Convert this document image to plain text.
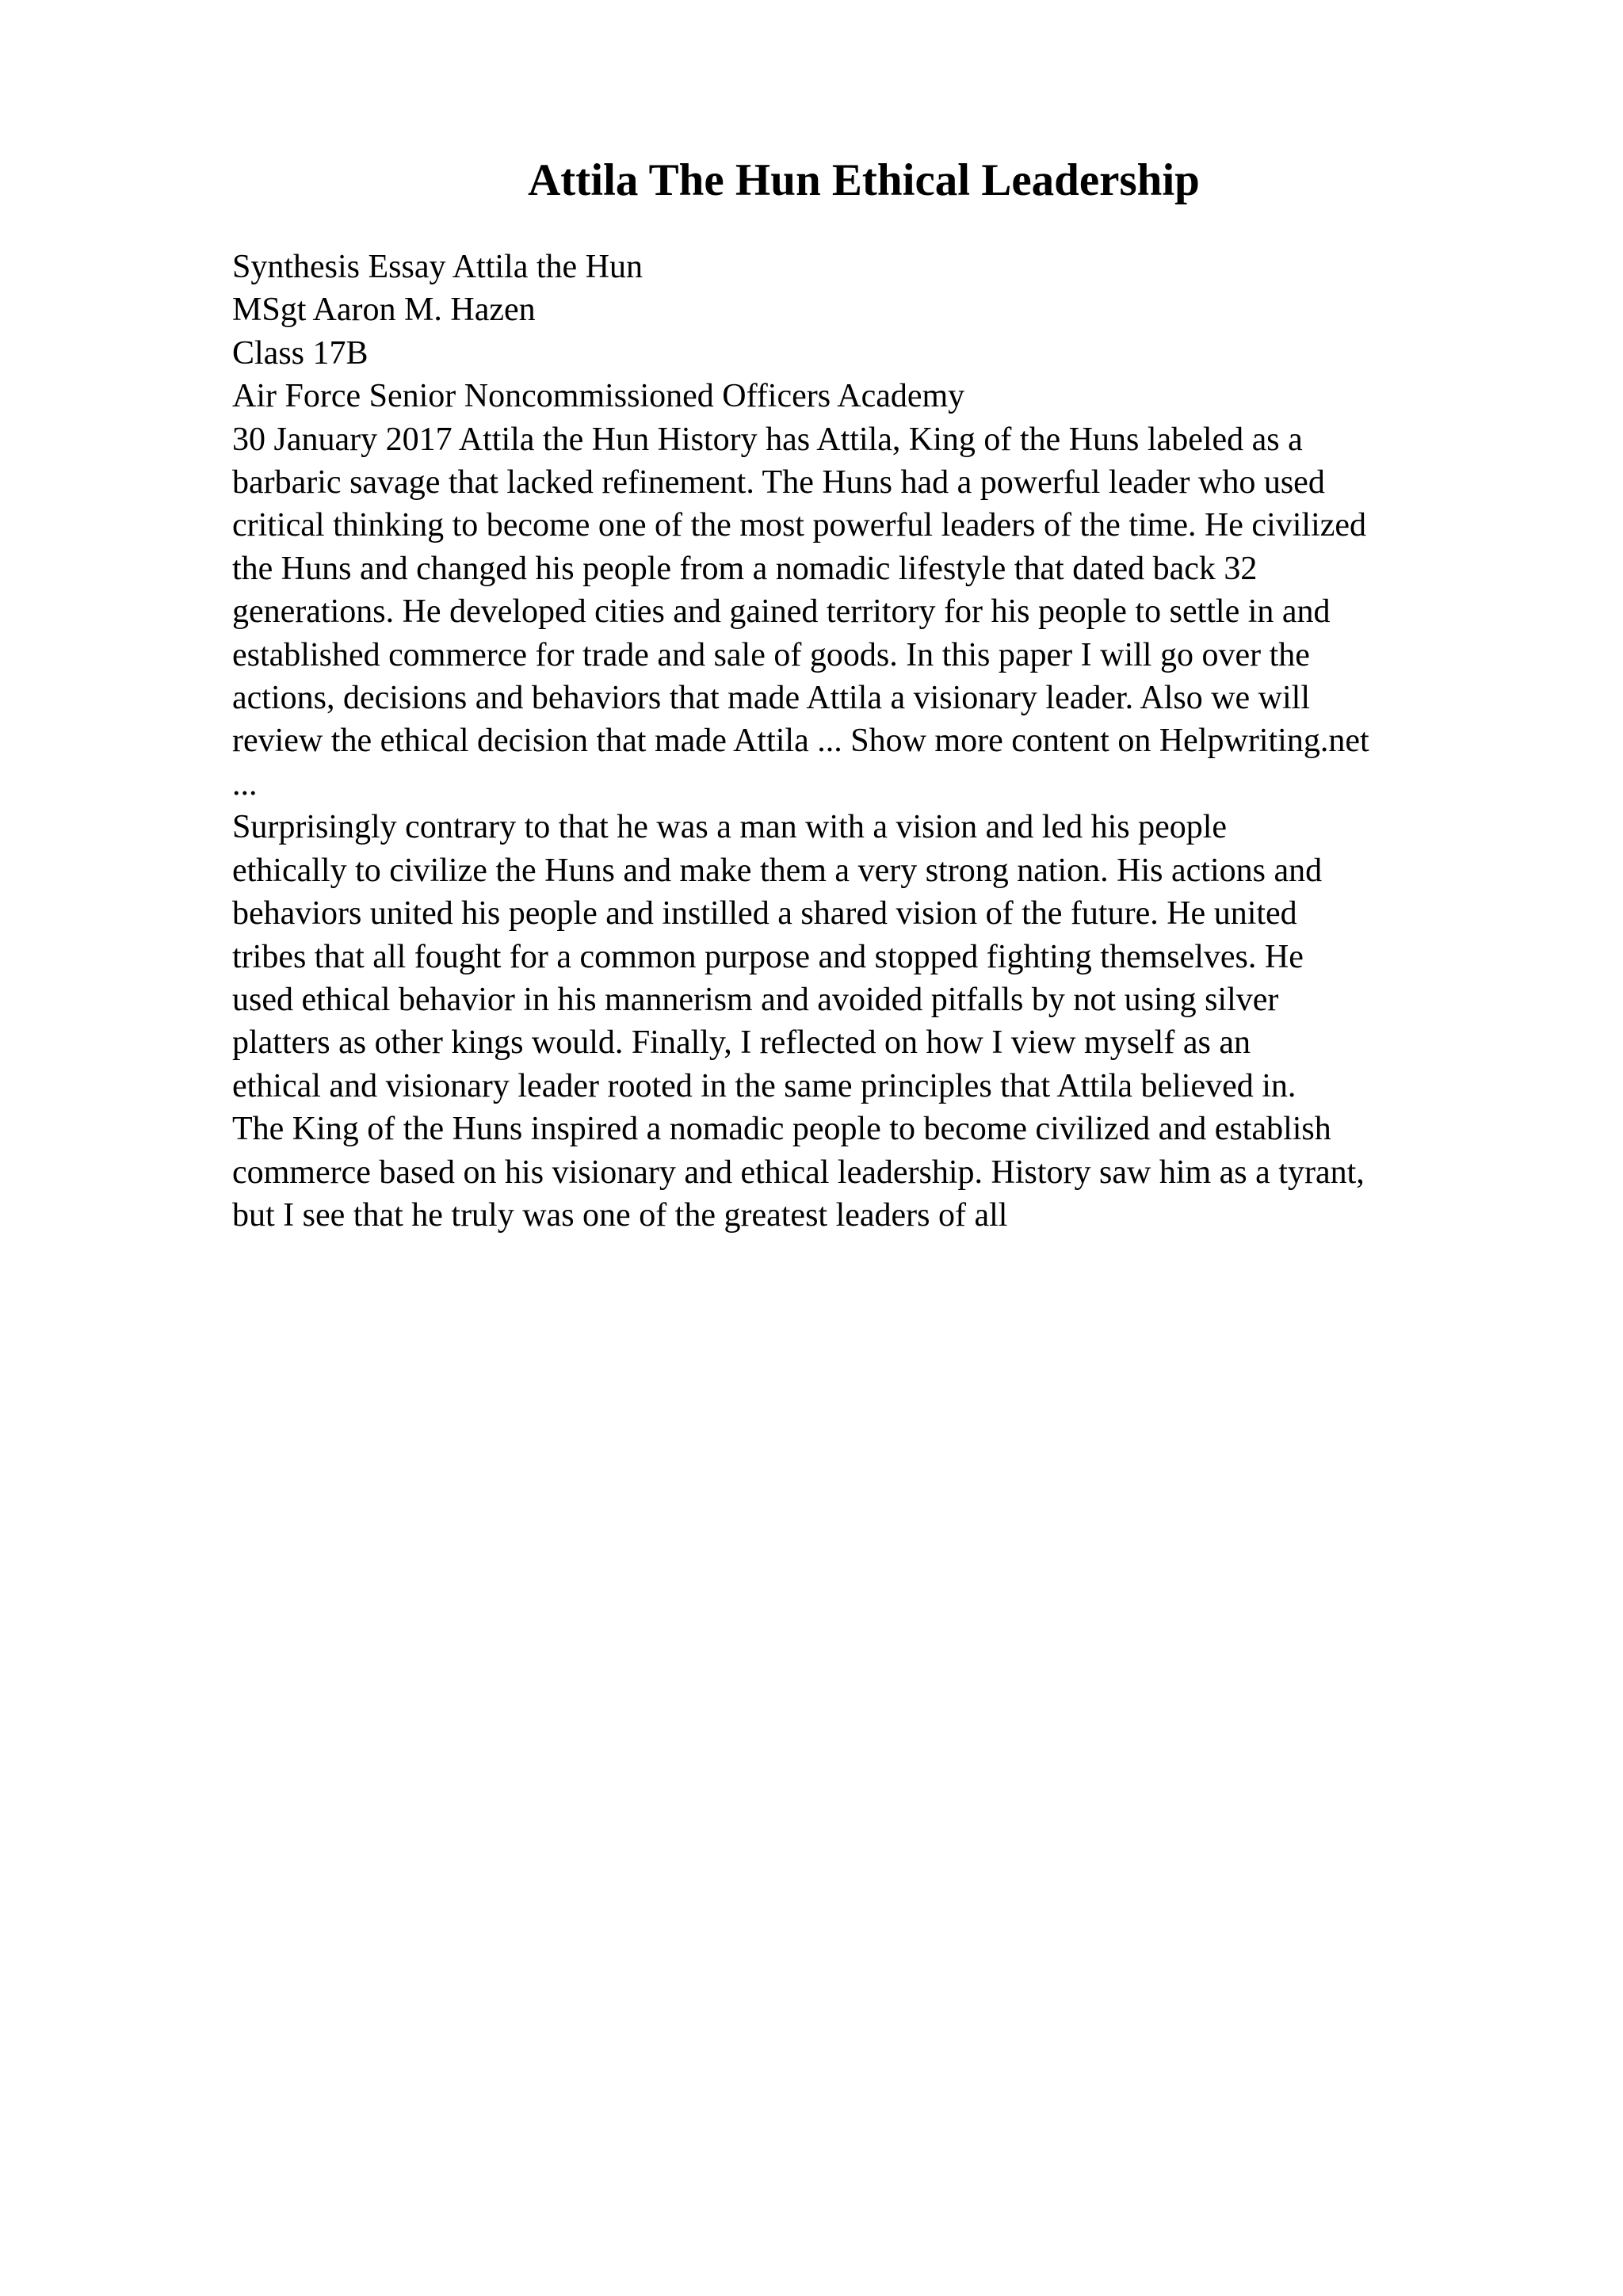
Attila The Hun Ethical Leadership
Synthesis Essay Attila the Hun
MSgt Aaron M. Hazen
Class 17B
Air Force Senior Noncommissioned Officers Academy
30 January 2017 Attila the Hun History has Attila, King of the Huns labeled as a
barbaric savage that lacked refinement. The Huns had a powerful leader who used
critical thinking to become one of the most powerful leaders of the time. He civilized
the Huns and changed his people from a nomadic lifestyle that dated back 32
generations. He developed cities and gained territory for his people to settle in and
established commerce for trade and sale of goods. In this paper I will go over the
actions, decisions and behaviors that made Attila a visionary leader. Also we will
review the ethical decision that made Attila ... Show more content on Helpwriting.net
...
Surprisingly contrary to that he was a man with a vision and led his people
ethically to civilize the Huns and make them a very strong nation. His actions and
behaviors united his people and instilled a shared vision of the future. He united
tribes that all fought for a common purpose and stopped fighting themselves. He
used ethical behavior in his mannerism and avoided pitfalls by not using silver
platters as other kings would. Finally, I reflected on how I view myself as an
ethical and visionary leader rooted in the same principles that Attila believed in.
The King of the Huns inspired a nomadic people to become civilized and establish
commerce based on his visionary and ethical leadership. History saw him as a tyrant,
but I see that he truly was one of the greatest leaders of all
